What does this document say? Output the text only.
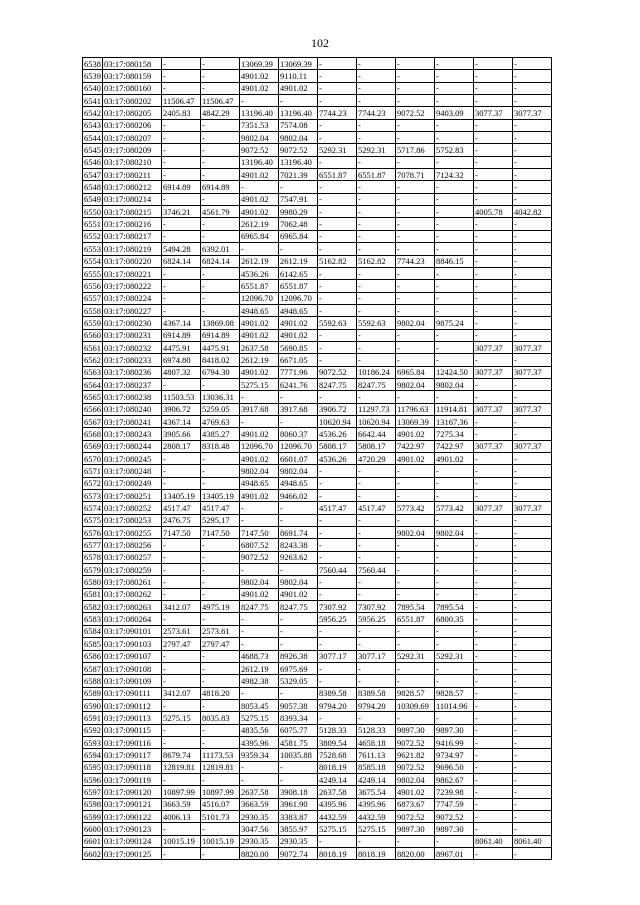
102
6538	03:17:080158	-	-	13069.39	13069.39	-	-	-	-	-	-
6539	03:17:080159	-	-	4901.02	9110.11	-	-	-	-	-	-
6540	03:17:080160	-	-	4901.02	4901.02	-	-	-	-	-	-
6541	03:17:080202	11506.47	11506.47	-	-	-	-	-	-	-	-
6542	03:17:080205	2405.83	4842.29	13196.40	13196.40	7744.23	7744.23	9072.52	9403.09	3077.37	3077.37
6543	03:17:080206	-	-	7351.53	7574.08	-	-	-	-	-	-
6544	03:17:080207	-	-	9802.04	9802.04	-	-	-	-	-	-
6545	03:17:080209	-	-	9072.52	9072.52	5292.31	5292.31	5717.86	5752.83	-	-
6546	03:17:080210	-	-	13196.40	13196.40	-	-	-	-	-	-
6547	03:17:080211	-	-	4901.02	7021.39	6551.87	6551.87	7078.71	7124.32	-	-
6548	03:17:080212	6914.89	6914.89	-	-	-	-	-	-	-	-
6549	03:17:080214	-	-	4901.02	7547.91	-	-	-	-	-	-
6550	03:17:080215	3746.21	4561.79	4901.02	9980.29	-	-	-	-	4005.78	4042.82
6551	03:17:080216	-	-	2612.19	7062.48	-	-	-	-	-	-
6552	03:17:080217	-	-	6965.84	6965.84	-	-	-	-	-	-
6553	03:17:080219	5494.28	6392.01	-	-	-	-	-	-	-	-
6554	03:17:080220	6824.14	6824.14	2612.19	2612.19	5162.82	5162.82	7744.23	8846.15	-	-
6555	03:17:080221	-	-	4536.26	6142.65	-	-	-	-	-	-
6556	03:17:080222	-	-	6551.87	6551.87	-	-	-	-	-	-
6557	03:17:080224	-	-	12096.70	12096.70	-	-	-	-	-	-
6558	03:17:080227	-	-	4948.65	4948.65	-	-	-	-	-	-
6559	03:17:080230	4367.14	13869.08	4901.02	4901.02	5592.63	5592.63	9802.04	9875.24	-	-
6560	03:17:080231	6914.89	6914.89	4901.02	4901.02	-	-	-	-	-	-
6561	03:17:080232	4475.91	4475.91	2637.58	5690.85	-	-	-	-	3077.37	3077.37
6562	03:17:080233	6974.80	8418.02	2612.19	6671.05	-	-	-	-	-	-
6563	03:17:080236	4807.32	6794.30	4901.02	7771.96	9072.52	10186.24	6965.84	12424.50	3077.37	3077.37
6564	03:17:080237	-	-	5275.15	6241.76	8247.75	8247.75	9802.04	9802.04	-	-
6565	03:17:080238	11503.53	13036.31	-	-	-	-	-	-	-	-
6566	03:17:080240	3906.72	5259.05	3917.68	3917.68	3906.72	11297.73	11796.63	11914.81	3077.37	3077.37
6567	03:17:080241	4367.14	4769.63	-	-	10620.94	10620.94	13069.39	13167.36	-	-
6568	03:17:080243	3905.66	4385.27	4901.02	8060.37	4536.26	6642.44	4901.02	7275.34	-	-
6569	03:17:080244	2808.17	8318.48	12096.70	12096.70	5808.17	5808.17	7422.97	7422.97	3077.37	3077.37
6570	03:17:080245	-	-	4901.02	6601.07	4536.26	4720.29	4901.02	4901.02	-	-
6571	03:17:080248	-	-	9802.04	9802.04	-	-	-	-	-	-
6572	03:17:080249	-	-	4948.65	4948.65	-	-	-	-	-	-
6573	03:17:080251	13405.19	13405.19	4901.02	9466.02	-	-	-	-	-	-
6574	03:17:080252	4517.47	4517.47	-	-	4517.47	4517.47	5773.42	5773.42	3077.37	3077.37
6575	03:17:080253	2476.75	5295.17	-	-	-	-	-	-	-	-
6576	03:17:080255	7147.50	7147.50	7147.50	8691.74	-	-	9802.04	9802.04	-	-
6577	03:17:080256	-	-	6807.52	8243.38	-	-	-	-	-	-
6578	03:17:080257	-	-	9072.52	9263.62	-	-	-	-	-	-
6579	03:17:080259	-	-	-	-	7560.44	7560.44	-	-	-	-
6580	03:17:080261	-	-	9802.04	9802.04	-	-	-	-	-	-
6581	03:17:080262	-	-	4901.02	4901.02	-	-	-	-	-	-
6582	03:17:080263	3412.07	4975.19	8247.75	8247.75	7307.92	7307.92	7895.54	7895.54	-	-
6583	03:17:080264	-	-	-	-	5956.25	5956.25	6551.87	6800.35	-	-
6584	03:17:090101	2573.61	2573.61	-	-	-	-	-	-	-	-
6585	03:17:090103	2797.47	2797.47	-	-	-	-	-	-	-	-
6586	03:17:090107	-	-	4688.73	8926.38	3077.17	3077.17	5292.31	5292.31	-	-
6587	03:17:090108	-	-	2612.19	6975.69	-	-	-	-	-	-
6588	03:17:090109	-	-	4982.38	5329.05	-	-	-	-	-	-
6589	03:17:090111	3412.07	4818.20	-	-	8389.58	8389.58	9828.57	9828.57	-	-
6590	03:17:090112	-	-	8053.45	9057.38	9794.20	9794.20	10309.69	11014.96	-	-
6591	03:17:090113	5275.15	8035.83	5275.15	8393.34	-	-	-	-	-	-
6592	03:17:090115	-	-	4835.56	6075.77	5128.33	5128.33	9897.30	9897.30	-	-
6593	03:17:090116	-	-	4395.96	4581.75	3809.54	4658.18	9072.52	9416.99	-	-
6594	03:17:090117	8679.74	11173.53	9359.34	10035.88	7528.68	7611.13	9621.82	9734.97	-	-
6595	03:17:090118	12819.81	12819.81	-	-	8018.19	8585.18	9072.52	9696.50	-	-
6596	03:17:090119	-	-	-	-	4249.14	4249.14	9802.04	9862.67	-	-
6597	03:17:090120	10897.99	10897.99	2637.58	3908.18	2637.58	3675.54	4901.02	7239.98	-	-
6598	03:17:090121	3663.59	4516.07	3663.59	3961.90	4395.96	4395.96	6873.67	7747.59	-	-
6599	03:17:090122	4006.13	5101.73	2930.35	3383.87	4432.59	4432.59	9072.52	9072.52	-	-
6600	03:17:090123	-	-	3047.56	3855.97	5275.15	5275.15	9897.30	9897.30	-	-
6601	03:17:090124	10015.19	10015.19	2930.35	2930.35	-	-	-	-	8061.40	8061.40
6602	03:17:090125	-	-	8820.00	9072.74	8018.19	8018.19	8820.00	8967.01	-	-
